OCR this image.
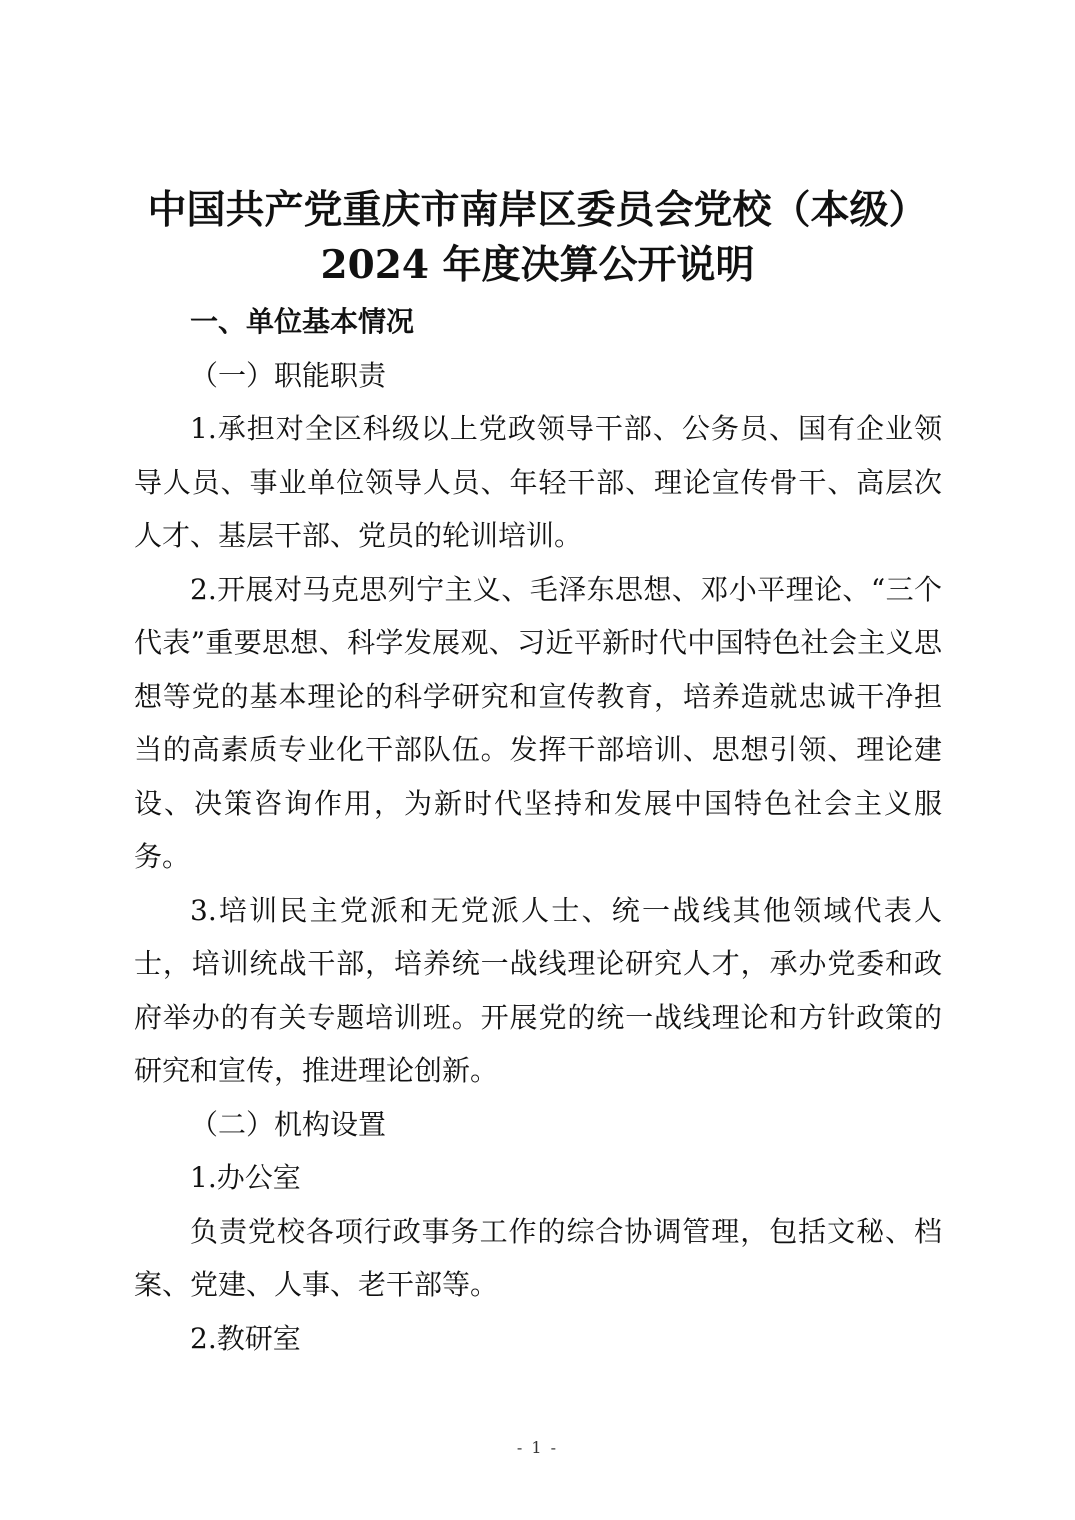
中国共产党重庆市南岸区委员会党校（本级）
2024 年度决算公开说明

一、单位基本情况

（一）职能职责

1.承担对全区科级以上党政领导干部、公务员、国有企业领导人员、事业单位领导人员、年轻干部、理论宣传骨干、高层次人才、基层干部、党员的轮训培训。

2.开展对马克思列宁主义、毛泽东思想、邓小平理论、“三个代表”重要思想、科学发展观、习近平新时代中国特色社会主义思想等党的基本理论的科学研究和宣传教育，培养造就忠诚干净担当的高素质专业化干部队伍。发挥干部培训、思想引领、理论建设、决策咨询作用，为新时代坚持和发展中国特色社会主义服务。

3.培训民主党派和无党派人士、统一战线其他领域代表人士，培训统战干部，培养统一战线理论研究人才，承办党委和政府举办的有关专题培训班。开展党的统一战线理论和方针政策的研究和宣传，推进理论创新。

（二）机构设置

1.办公室

负责党校各项行政事务工作的综合协调管理，包括文秘、档案、党建、人事、老干部等。

2.教研室

- 1 -
